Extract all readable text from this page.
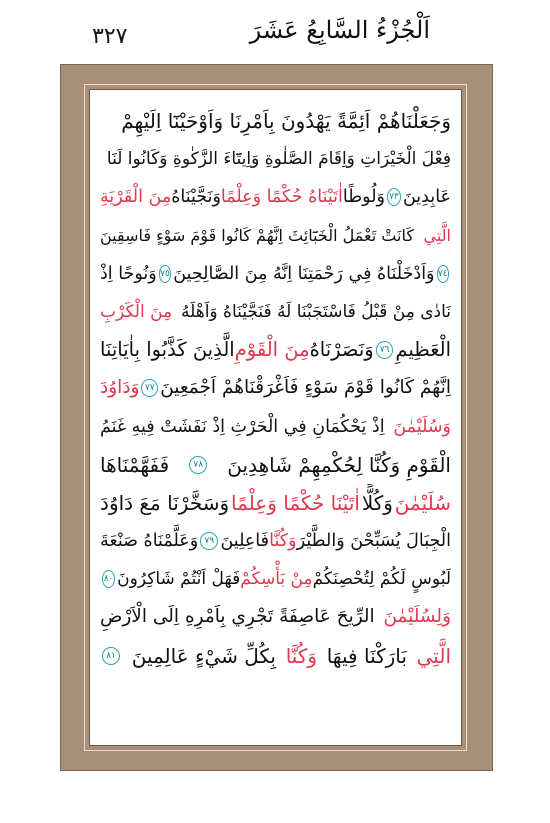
٣٢٧	اَلْجُزْءُ السَّابِعُ عَشَرَ
وَجَعَلْنَاهُمْ اَئِمَّةً يَهْدُونَ بِاَمْرِنَا وَاَوْحَيْنَٓا اِلَيْهِمْ
فِعْلَ الْخَيْرَاتِ وَاِقَامَ الصَّلٰوةِ وَاِيتَٓاءَ الزَّكٰوةِ وَكَانُوا لَنَا
عَابِدِينَ
٧٣
وَلُوطًا
اٰتَيْنَاهُ حُكْمًا وَعِلْمًا
وَنَجَّيْنَاهُ
مِنَ الْقَرْيَةِ
الَّتِي
كَانَتْ تَعْمَلُ الْخَبَٓائِثَ اِنَّهُمْ كَانُوا قَوْمَ سَوْءٍ فَاسِقِينَ
٧٤
وَاَدْخَلْنَاهُ فِي رَحْمَتِنَا اِنَّهُ مِنَ الصَّالِحِينَ
٧٥
وَنُوحًا اِذْ
نَادٰى مِنْ قَبْلُ فَاسْتَجَبْنَا لَهُ فَنَجَّيْنَاهُ وَاَهْلَهُ
مِنَ الْكَرْبِ
الْعَظِيمِ
٧٦
وَنَصَرْنَاهُ
مِنَ الْقَوْمِ
الَّذِينَ كَذَّبُوا بِاٰيَاتِنَا
اِنَّهُمْ كَانُوا قَوْمَ سَوْءٍ فَاَغْرَقْنَاهُمْ اَجْمَعِينَ
٧٧
وَدَاوُدَ
وَسُلَيْمٰنَ
اِذْ يَحْكُمَانِ فِي الْحَرْثِ اِذْ نَفَشَتْ فِيهِ غَنَمُ
الْقَوْمِ وَكُنَّا لِحُكْمِهِمْ شَاهِدِينَ
٧٨
فَفَهَّمْنَاهَا
سُلَيْمٰنَ
وَكُلًّا
اٰتَيْنَا حُكْمًا وَعِلْمًا
وَسَخَّرْنَا مَعَ دَاوُدَ
الْجِبَالَ يُسَبِّحْنَ وَالطَّيْرَ
وَكُنَّا
فَاعِلِينَ
٧٩
وَعَلَّمْنَاهُ صَنْعَةَ
لَبُوسٍ لَكُمْ لِتُحْصِنَكُمْ
مِنْ بَأْسِكُمْ
فَهَلْ اَنْتُمْ شَاكِرُونَ
٨٠
وَلِسُلَيْمٰنَ
الرِّيحَ عَاصِفَةً تَجْرِي بِاَمْرِهِ اِلَى الْاَرْضِ
الَّتِي
بَارَكْنَا فِيهَا
وَكُنَّا
بِكُلِّ شَيْءٍ عَالِمِينَ
٨١
